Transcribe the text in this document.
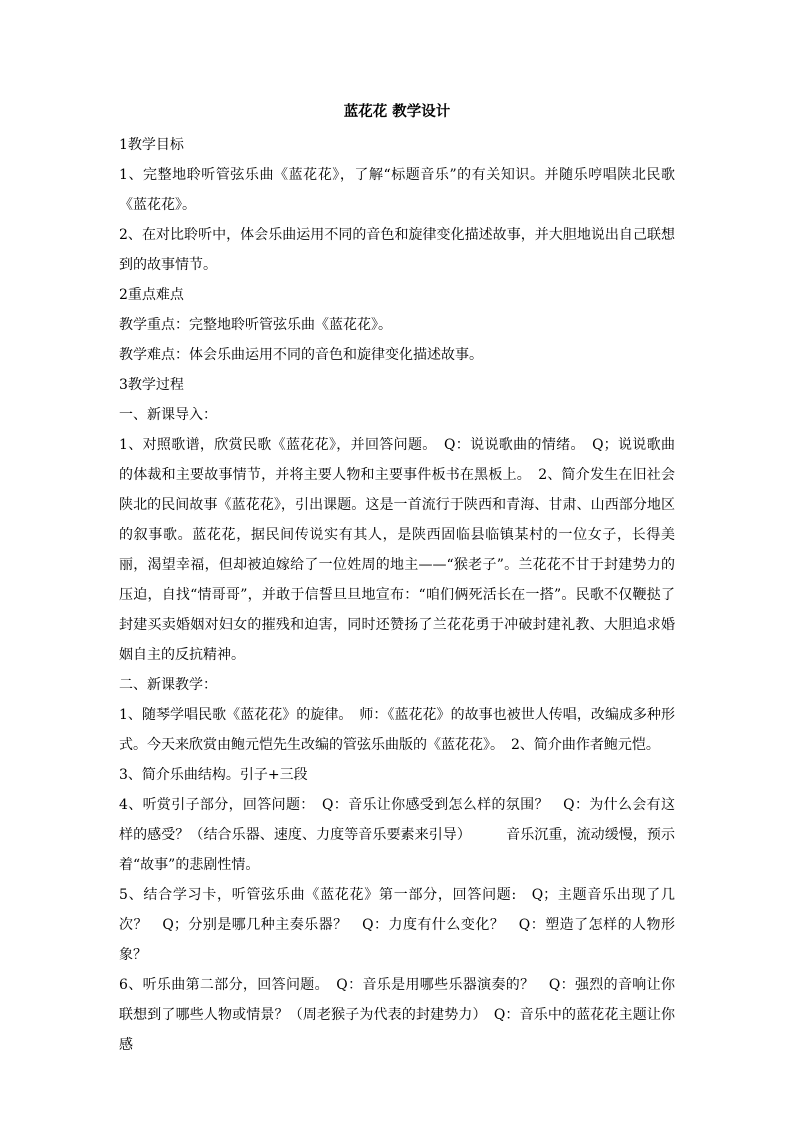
蓝花花 教学设计

1教学目标

1、完整地聆听管弦乐曲《蓝花花》，了解“标题音乐”的有关知识。并随乐哼唱陕北民歌《蓝花花》。

2、在对比聆听中，体会乐曲运用不同的音色和旋律变化描述故事，并大胆地说出自己联想到的故事情节。

2重点难点

教学重点：完整地聆听管弦乐曲《蓝花花》。

教学难点：体会乐曲运用不同的音色和旋律变化描述故事。

3教学过程

一、新课导入：

1、对照歌谱，欣赏民歌《蓝花花》，并回答问题。　Q：说说歌曲的情绪。　Q；说说歌曲的体裁和主要故事情节，并将主要人物和主要事件板书在黑板上。　2、简介发生在旧社会陕北的民间故事《蓝花花》，引出课题。这是一首流行于陕西和青海、甘肃、山西部分地区的叙事歌。蓝花花，据民间传说实有其人，是陕西固临县临镇某村的一位女子，长得美丽，渴望幸福，但却被迫嫁给了一位姓周的地主——“猴老子”。兰花花不甘于封建势力的压迫，自找“情哥哥”，并敢于信誓旦旦地宣布：“咱们俩死活长在一搭”。民歌不仅鞭挞了封建买卖婚姻对妇女的摧残和迫害，同时还赞扬了兰花花勇于冲破封建礼教、大胆追求婚姻自主的反抗精神。

二、新课教学：

1、随琴学唱民歌《蓝花花》的旋律。　师：《蓝花花》的故事也被世人传唱，改编成多种形式。今天来欣赏由鲍元恺先生改编的管弦乐曲版的《蓝花花》。　2、简介曲作者鲍元恺。

3、简介乐曲结构。引子+三段

4、听赏引子部分，回答问题：　Q：音乐让你感受到怎么样的氛围？　Q：为什么会有这样的感受？（结合乐器、速度、力度等音乐要素来引导）　　　音乐沉重，流动缓慢，预示着“故事”的悲剧性情。

5、结合学习卡，听管弦乐曲《蓝花花》第一部分，回答问题:　Q；主题音乐出现了几次？　Q；分别是哪几种主奏乐器？　Q：力度有什么变化？　Q：塑造了怎样的人物形象？

6、听乐曲第二部分，回答问题。　Q：音乐是用哪些乐器演奏的？　Q：强烈的音响让你联想到了哪些人物或情景？（周老猴子为代表的封建势力）　Q：音乐中的蓝花花主题让你感
